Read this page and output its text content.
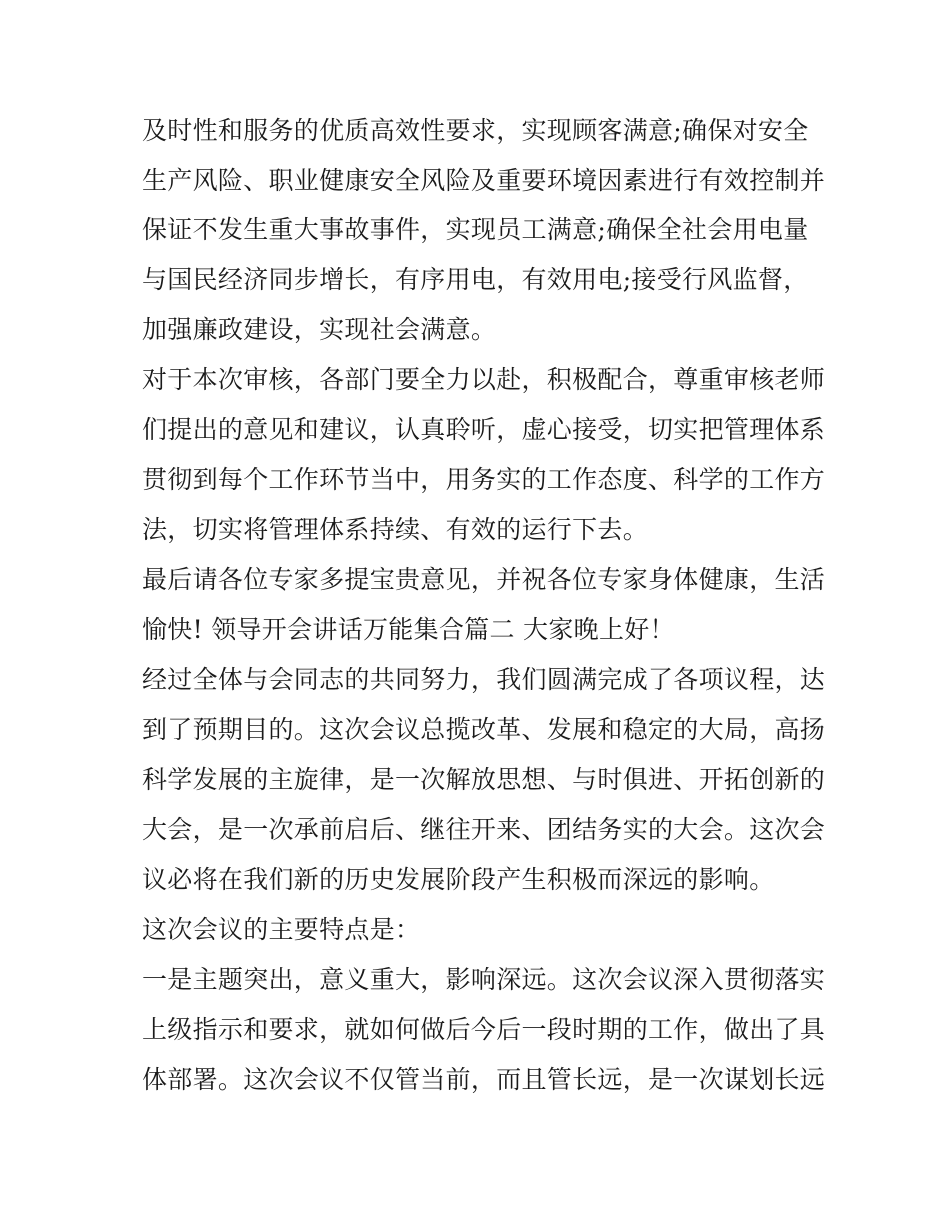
及时性和服务的优质高效性要求，实现顾客满意;确保对安全
生产风险、职业健康安全风险及重要环境因素进行有效控制并
保证不发生重大事故事件，实现员工满意;确保全社会用电量
与国民经济同步增长，有序用电，有效用电;接受行风监督，
加强廉政建设，实现社会满意。
对于本次审核，各部门要全力以赴，积极配合，尊重审核老师
们提出的意见和建议，认真聆听，虚心接受，切实把管理体系
贯彻到每个工作环节当中，用务实的工作态度、科学的工作方
法，切实将管理体系持续、有效的运行下去。
最后请各位专家多提宝贵意见，并祝各位专家身体健康，生活
愉快! 领导开会讲话万能集合篇二 大家晚上好！
经过全体与会同志的共同努力，我们圆满完成了各项议程，达
到了预期目的。这次会议总揽改革、发展和稳定的大局，高扬
科学发展的主旋律，是一次解放思想、与时俱进、开拓创新的
大会，是一次承前启后、继往开来、团结务实的大会。这次会
议必将在我们新的历史发展阶段产生积极而深远的影响。
这次会议的主要特点是：
一是主题突出，意义重大，影响深远。这次会议深入贯彻落实
上级指示和要求，就如何做后今后一段时期的工作，做出了具
体部署。这次会议不仅管当前，而且管长远，是一次谋划长远
